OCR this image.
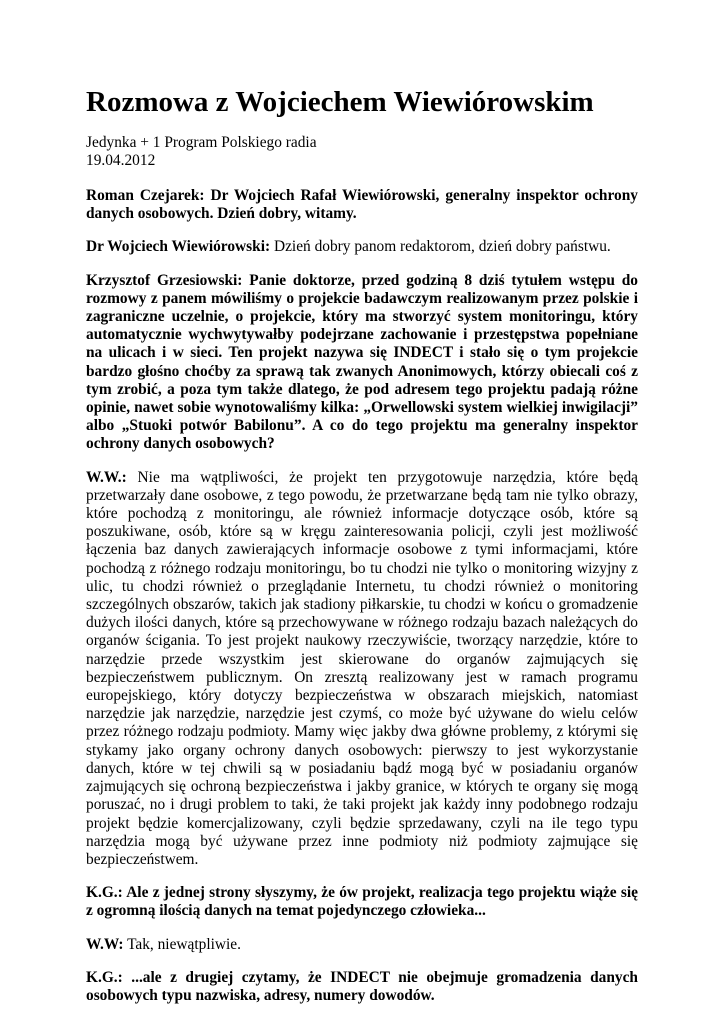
Rozmowa z Wojciechem Wiewiórowskim
Jedynka + 1 Program Polskiego radia
19.04.2012

Roman Czejarek: Dr Wojciech Rafał Wiewiórowski, generalny inspektor ochrony danych osobowych. Dzień dobry, witamy.

Dr Wojciech Wiewiórowski: Dzień dobry panom redaktorom, dzień dobry państwu.

Krzysztof Grzesiowski: Panie doktorze, przed godziną 8 dziś tytułem wstępu do rozmowy z panem mówiliśmy o projekcie badawczym realizowanym przez polskie i zagraniczne uczelnie, o projekcie, który ma stworzyć system monitoringu, który automatycznie wychwytywałby podejrzane zachowanie i przestępstwa popełniane na ulicach i w sieci. Ten projekt nazywa się INDECT i stało się o tym projekcie bardzo głośno choćby za sprawą tak zwanych Anonimowych, którzy obiecali coś z tym zrobić, a poza tym także dlatego, że pod adresem tego projektu padają różne opinie, nawet sobie wynotowaliśmy kilka: „Orwellowski system wielkiej inwigilacji” albo „Stuoki potwór Babilonu”. A co do tego projektu ma generalny inspektor ochrony danych osobowych?

W.W.: Nie ma wątpliwości, że projekt ten przygotowuje narzędzia, które będą przetwarzały dane osobowe, z tego powodu, że przetwarzane będą tam nie tylko obrazy, które pochodzą z monitoringu, ale również informacje dotyczące osób, które są poszukiwane, osób, które są w kręgu zainteresowania policji, czyli jest możliwość łączenia baz danych zawierających informacje osobowe z tymi informacjami, które pochodzą z różnego rodzaju monitoringu, bo tu chodzi nie tylko o monitoring wizyjny z ulic, tu chodzi również o przeglądanie Internetu, tu chodzi również o monitoring szczególnych obszarów, takich jak stadiony piłkarskie, tu chodzi w końcu o gromadzenie dużych ilości danych, które są przechowywane w różnego rodzaju bazach należących do organów ścigania. To jest projekt naukowy rzeczywiście, tworzący narzędzie, które to narzędzie przede wszystkim jest skierowane do organów zajmujących się bezpieczeństwem publicznym. On zresztą realizowany jest w ramach programu europejskiego, który dotyczy bezpieczeństwa w obszarach miejskich, natomiast narzędzie jak narzędzie, narzędzie jest czymś, co może być używane do wielu celów przez różnego rodzaju podmioty. Mamy więc jakby dwa główne problemy, z którymi się stykamy jako organy ochrony danych osobowych: pierwszy to jest wykorzystanie danych, które w tej chwili są w posiadaniu bądź mogą być w posiadaniu organów zajmujących się ochroną bezpieczeństwa i jakby granice, w których te organy się mogą poruszać, no i drugi problem to taki, że taki projekt jak każdy inny podobnego rodzaju projekt będzie komercjalizowany, czyli będzie sprzedawany, czyli na ile tego typu narzędzia mogą być używane przez inne podmioty niż podmioty zajmujące się bezpieczeństwem.

K.G.: Ale z jednej strony słyszymy, że ów projekt, realizacja tego projektu wiąże się z ogromną ilością danych na temat pojedynczego człowieka...

W.W: Tak, niewątpliwie.

K.G.: ...ale z drugiej czytamy, że INDECT nie obejmuje gromadzenia danych osobowych typu nazwiska, adresy, numery dowodów.
